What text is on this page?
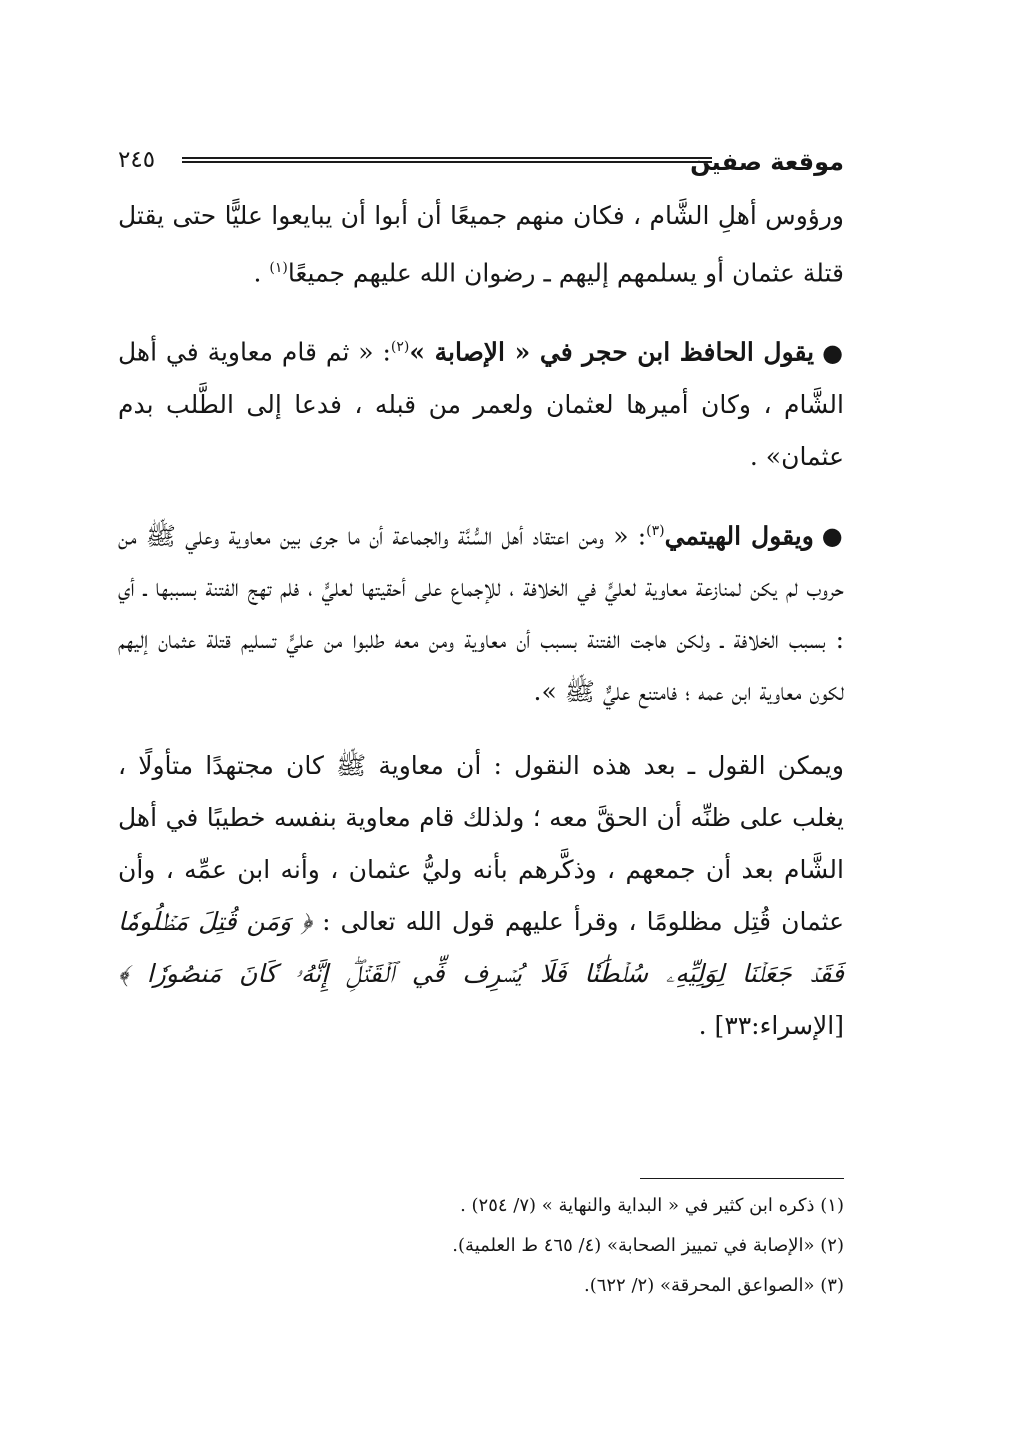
موقعة صفين
٢٤٥

ورؤوس أهلِ الشَّام ، فكان منهم جميعًا أن أبوا أن يبايعوا عليًّا حتى يقتل قتلة عثمان أو يسلمهم إليهم ـ رضوان الله عليهم جميعًا$^{(١)}$ .

●يقول الحافظ ابن حجر في « الإصابة »$^{(٢)}$: « ثم قام معاوية في أهل الشَّام ، وكان أميرها لعثمان ولعمر من قبله ، فدعا إلى الطَّلب بدم عثمان» .

●ويقول الهيتمي$^{(٣)}$: « ومن اعتقاد أهل السُّنَّة والجماعة أن ما جرى بين معاوية وعلي ﷺ من حروب لم يكن لمنازعة معاوية لعليٍّ في الخلافة ، للإجماع على أحقيتها لعليٍّ ، فلم تهج الفتنة بسببها ـ أي : بسبب الخلافة ـ ولكن هاجت الفتنة بسبب أن معاوية ومن معه طلبوا من عليٍّ تسليم قتلة عثمان إليهم لكون معاوية ابن عمه ؛ فامتنع عليٌّ ﷺ ».

ويمكن القول ـ بعد هذه النقول : أن معاوية ﷺ كان مجتهدًا متأولًا ، يغلب على ظنِّه أن الحقَّ معه ؛ ولذلك قام معاوية بنفسه خطيبًا في أهل الشَّام بعد أن جمعهم ، وذكَّرهم بأنه وليُّ عثمان ، وأنه ابن عمِّه ، وأن عثمان قُتِل مظلومًا ، وقرأ عليهم قول الله تعالى : ﴿ وَمَن قُتِلَ مَظۡلُومٗا فَقَدۡ جَعَلۡنَا لِوَلِيِّهِۦ سُلۡطَٰنٗا فَلَا يُسۡرِف فِّي ٱلۡقَتۡلِۖ إِنَّهُۥ كَانَ مَنصُورٗا ﴾ [الإسراء:٣٣] .

(١) ذكره ابن كثير في « البداية والنهاية » (٧/ ٢٥٤) .

(٢) «الإصابة في تمييز الصحابة» (٤/ ٤٦٥ ط العلمية).

(٣) «الصواعق المحرقة» (٢/ ٦٢٢).
